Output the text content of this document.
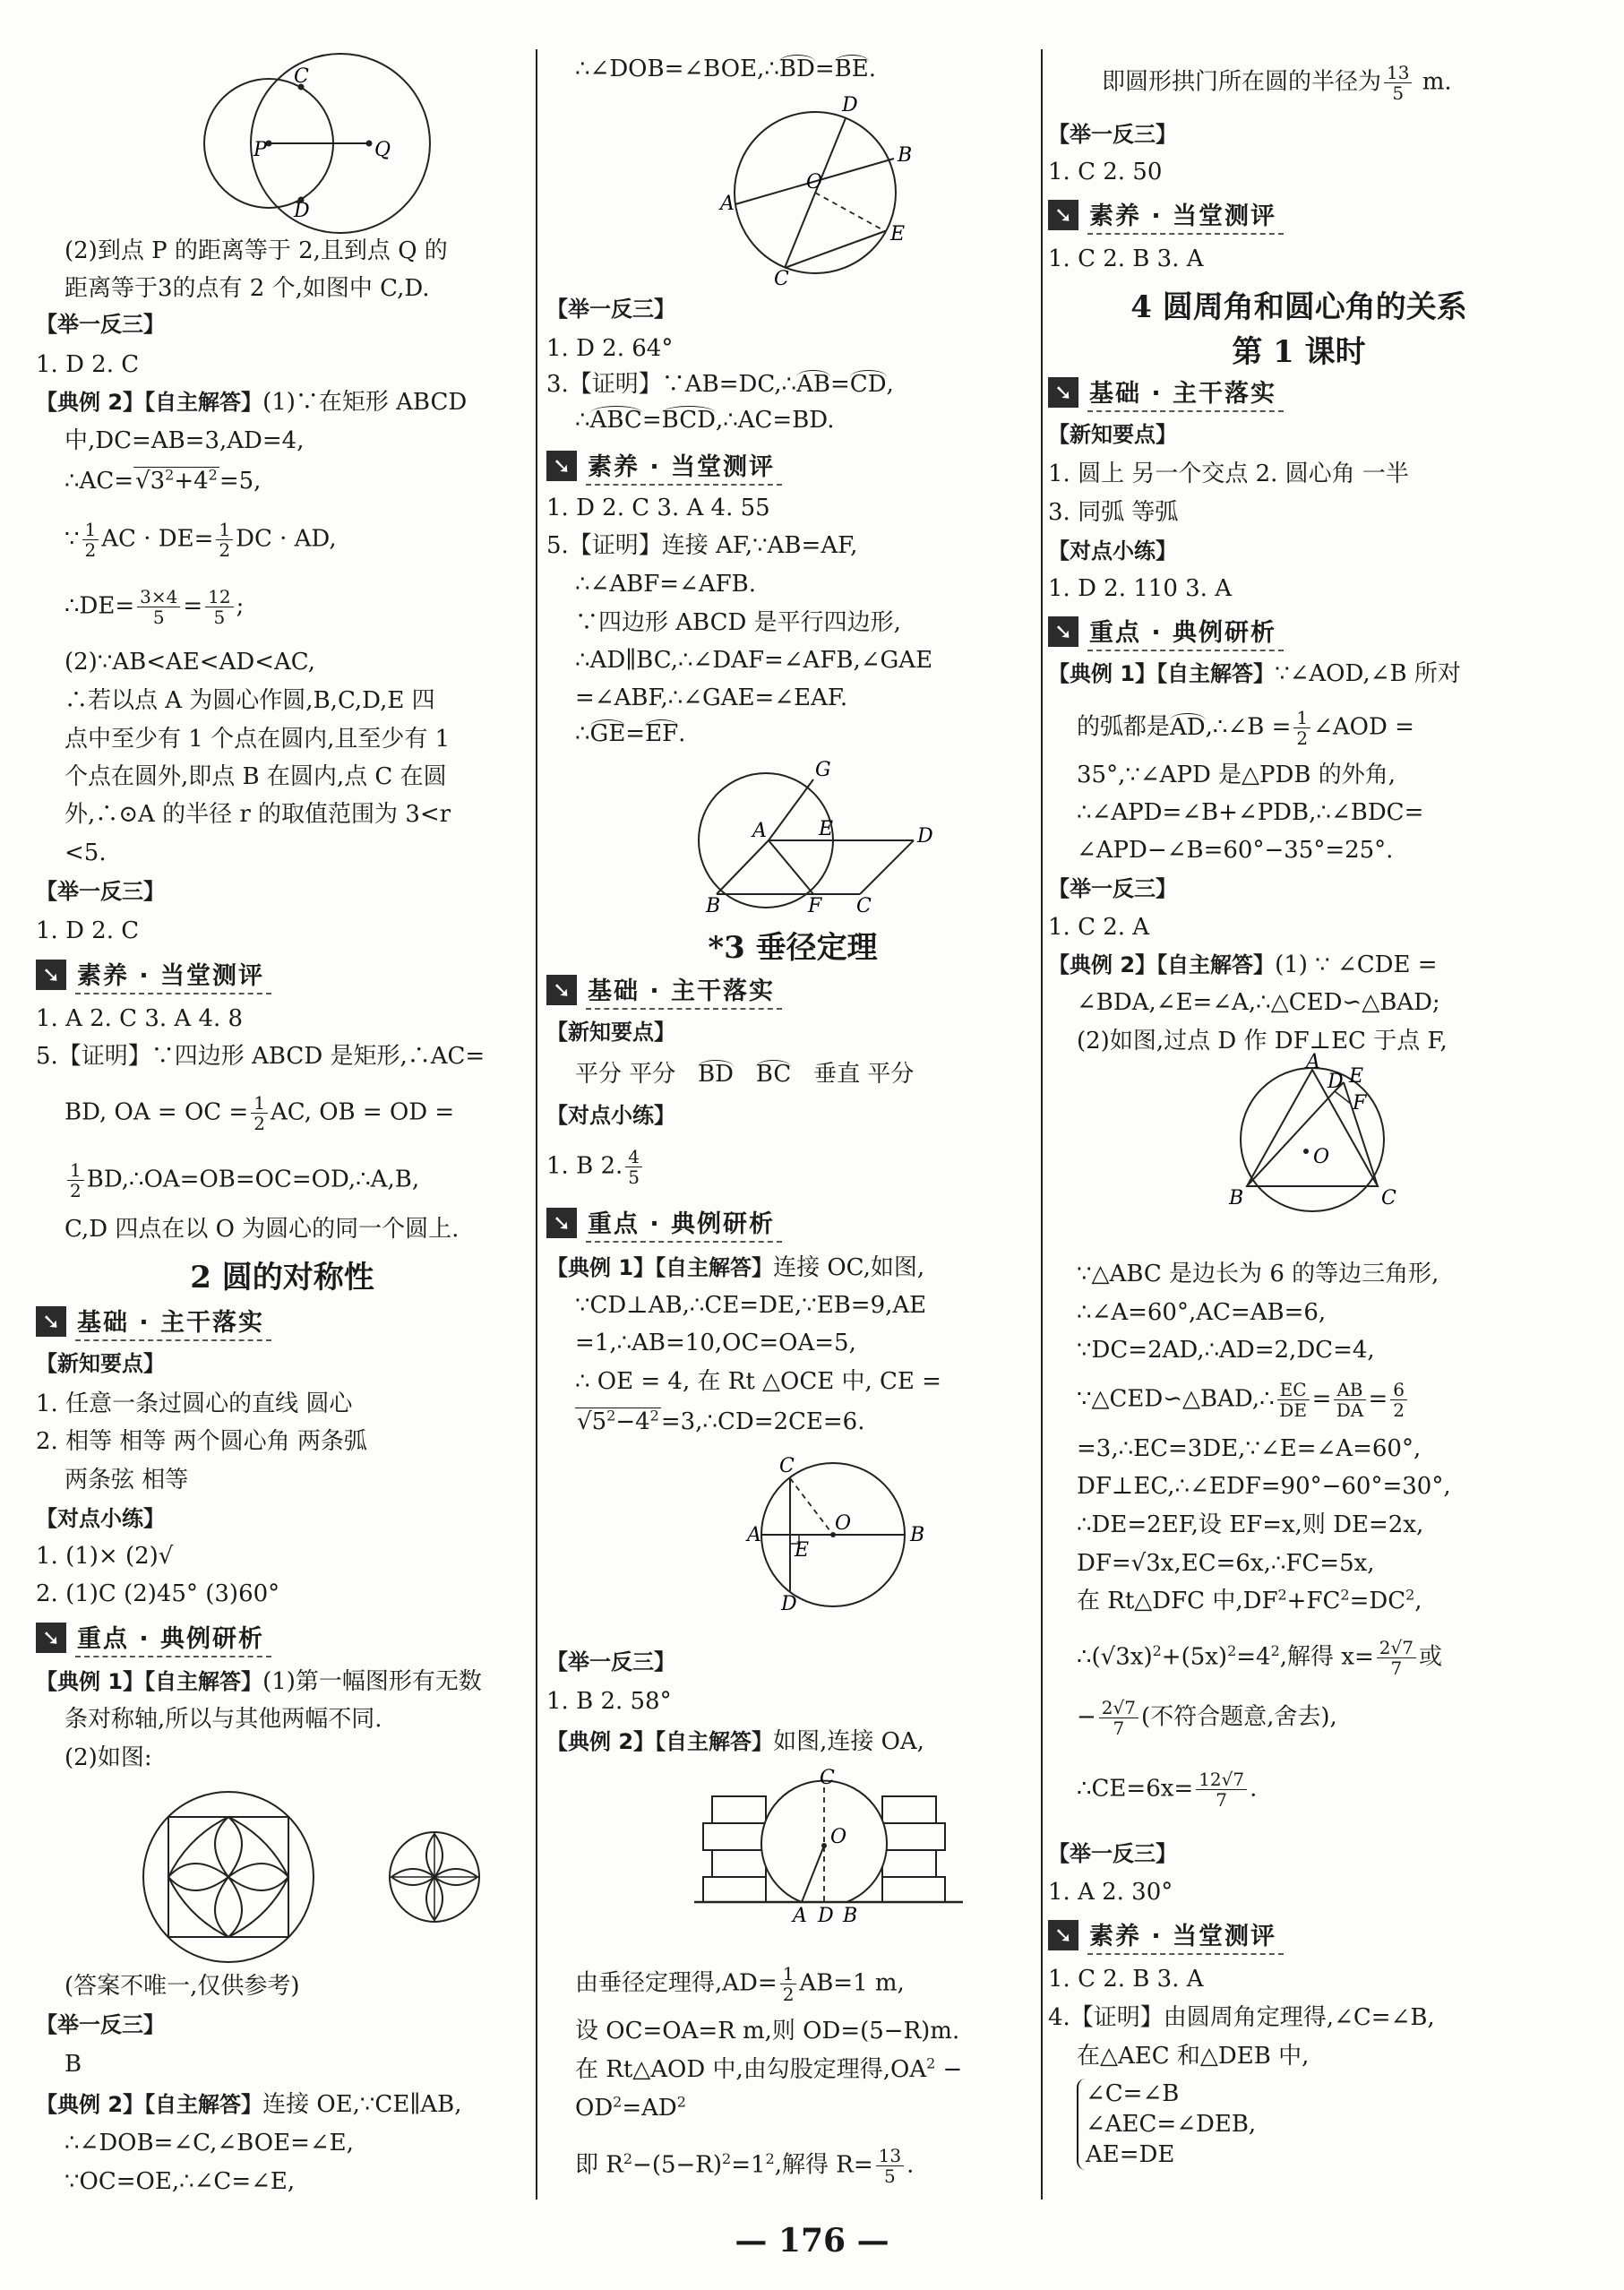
P	Q
C
D
(2)到点 P 的距离等于 2,且到点 Q 的
距离等于3的点有 2 个,如图中 C,D.
【举一反三】
1. D 2. C
【典例 2】【自主解答】(1)∵在矩形 ABCD
中,DC=AB=3,AD=4,
$\therefore AC=√3^2+4^2=5$,
∵ $\frac{1}{2}$ AC · $DE= \frac{1}{2}$ DC · AD,
∴DE= $\frac{3\times 4}{5} = \frac{12}{5}$ ;
(2)∵AB<AE<AD<AC,
∴若以点 A 为圆心作圆,B,C,D,E 四
点中至少有 1 个点在圆内,且至少有 1
个点在圆外,即点 B 在圆内,点 C 在圆
外,∴⊙A 的半径 r 的取值范围为 3<r
<5.
【举一反三】
1. D 2. C
➘ 素养 · 当堂测评
1. A 2. C 3. A 4. 8
5.【证明】∵四边形 ABCD 是矩形,∴AC=
BD, OA = OC = $\frac{1}{2}$ AC, OB = OD =
$\frac{1}{2}$ BD,∴OA=OB=OC=OD,∴A,B,
C,D 四点在以 O 为圆心的同一个圆上.
2 圆的对称性
➘ 基础 · 主干落实
【新知要点】
1. 任意一条过圆心的直线 圆心
2. 相等 相等 两个圆心角 两条弧
两条弦 相等
【对点小练】
1. (1)× (2)√
2. (1)C (2)45° (3)60°
➘ 重点 · 典例研析
【典例 1】【自主解答】(1)第一幅图形有无数
条对称轴,所以与其他两幅不同.
(2)如图:
(答案不唯一,仅供参考)
【举一反三】
B
【典例 2】【自主解答】连接 OE,∵CE∥AB,
∴∠DOB=∠C,∠BOE=∠E,
∵OC=OE,∴∠C=∠E,
∴∠DOB=∠BOE,∴BD=BE.
D
B
A
O
E
C
【举一反三】
1. D 2. 64°
3.【证明】∵AB=DC,∴AB=CD,
∴ABC=BCD,∴AC=BD.
➘ 素养 · 当堂测评
1. D 2. C 3. A 4. 55
5.【证明】连接 AF,∵AB=AF,
∴∠ABF=∠AFB.
∵四边形 ABCD 是平行四边形,
∴AD∥BC,∴∠DAF=∠AFB,∠GAE
=∠ABF,∴∠GAE=∠EAF.
∴GE=EF.
G
A	E	D
B	F C
*3 垂径定理
➘ 基础 · 主干落实
【新知要点】
平分 平分 BD BC 垂直 平分
【对点小练】
1. B 2. $\frac{4}{5}$
➘ 重点 · 典例研析
【典例 1】【自主解答】连接 OC,如图,
∵CD⊥AB,∴CE=DE,∵EB=9,AE
=1,∴AB=10,OC=OA=5,
∴ OE = 4, 在 Rt △OCE 中, CE =
$√5^2-4^2=3,\therefore CD=2CE=6$.
C
A
E
O
B
D
【举一反三】
1. B 2. 58°
【典例 2】【自主解答】如图,连接 OA,
C
O
A D B
由垂径定理得$,AD= \frac{1}{2} AB=1$ m,
设 OC=OA=R m,则 OD=(5−R)m.
在 Rt△AOD 中,由勾股定理得$,OA^2$ −
$OD^2=AD^2$
即 $R^2-(5-R)^2=1^2$,解得 $R= \frac{13}{5}$ .
即圆形拱门所在圆的半径为 $\frac{13}{5} m$.
【举一反三】
1. C 2. 50
➘ 素养 · 当堂测评
1. C 2. B 3. A
4 圆周角和圆心角的关系
第 1 课时
➘ 基础 · 主干落实
【新知要点】
1. 圆上 另一个交点 2. 圆心角 一半
3. 同弧 等弧
【对点小练】
1. D 2. 110 3. A
➘ 重点 · 典例研析
【典例 1】【自主解答】∵∠AOD,∠B 所对
的弧都是AD,∴∠B = $\frac{1}{2}$ ∠AOD =
35°,∵∠APD 是△PDB 的外角,
∴∠APD=∠B+∠PDB,∴∠BDC=
∠APD−∠B=60°−35°=25°.
【举一反三】
1. C 2. A
【典例 2】【自主解答】(1) ∵ ∠CDE =
∠BDA,∠E=∠A,∴△CED∽△BAD;
(2)如图,过点 D 作 DF⊥EC 于点 F,
A
D E
F
O
B	C
∵△ABC 是边长为 6 的等边三角形,
∴∠A=60°,AC=AB=6,
∵DC=2AD,∴AD=2,DC=4,
∵△CED∽△BAD,∴ $\frac{EC}{DE} = \frac{AB}{DA} = \frac{6}{2}$
=3,∴EC=3DE,∵∠E=∠A=60°,
DF⊥EC,∴∠EDF=90°−60°=30°,
∴DE=2EF,设 EF=x,则 DE=2x,
DF=√3x,EC=6x,∴FC=5x,
在 Rt△DFC 中$,DF^2+FC^2=DC^2$,
$\therefore(√3x)^2+(5x)^2=4^2$,解得 $x= \frac{2√7}{7}$ 或
− $\frac{2√7}{7}$ (不符合题意,舍去),
∴CE=6x= $\frac{12√7}{7}$ .
【举一反三】
1. A 2. 30°
➘ 素养 · 当堂测评
1. C 2. B 3. A
4.【证明】由圆周角定理得,∠C=∠B,
在△AEC 和△DEB 中,
∠C=∠B
∠AEC=∠DEB,
AE=DE
— 176 —
